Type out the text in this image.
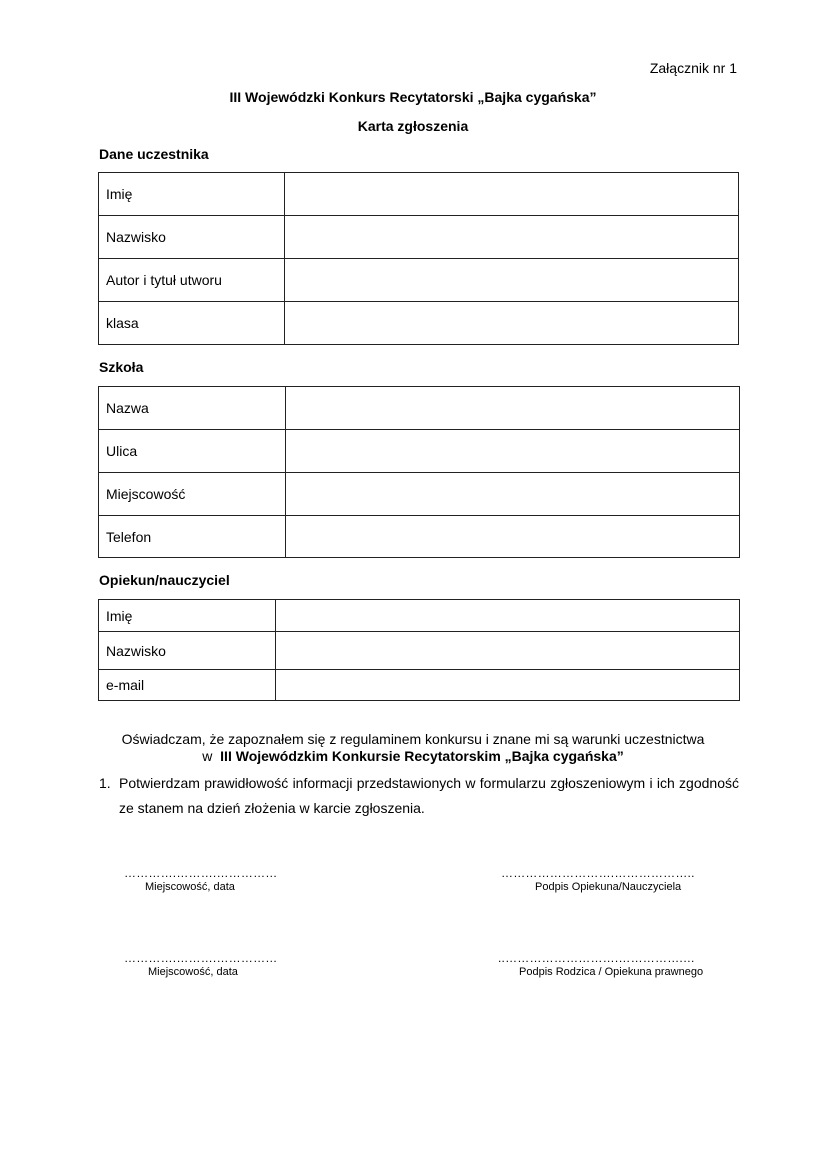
Załącznik nr 1
III Wojewódzki Konkurs Recytatorski „Bajka cygańska”
Karta zgłoszenia
Dane uczestnika
Imię	
Nazwisko	
Autor i tytuł utworu	
klasa	
Szkoła
Nazwa	
Ulica	
Miejscowość	
Telefon	
Opiekun/nauczyciel
Imię	
Nazwisko	
e-mail	
Oświadczam, że zapoznałem się z regulaminem konkursu i znane mi są warunki uczestnictwa
w III Wojewódzkim Konkursie Recytatorskim „Bajka cygańska”
1. Potwierdzam prawidłowość informacji przedstawionych w formularzu zgłoszeniowym i ich zgodność ze stanem na dzień złożenia w karcie zgłoszenia.
………….……….……………
Miejscowość, data
……………………….………………..
Podpis Opiekuna/Nauczyciela
………….……….……………
Miejscowość, data
..……………………….…………….…
Podpis Rodzica / Opiekuna prawnego
